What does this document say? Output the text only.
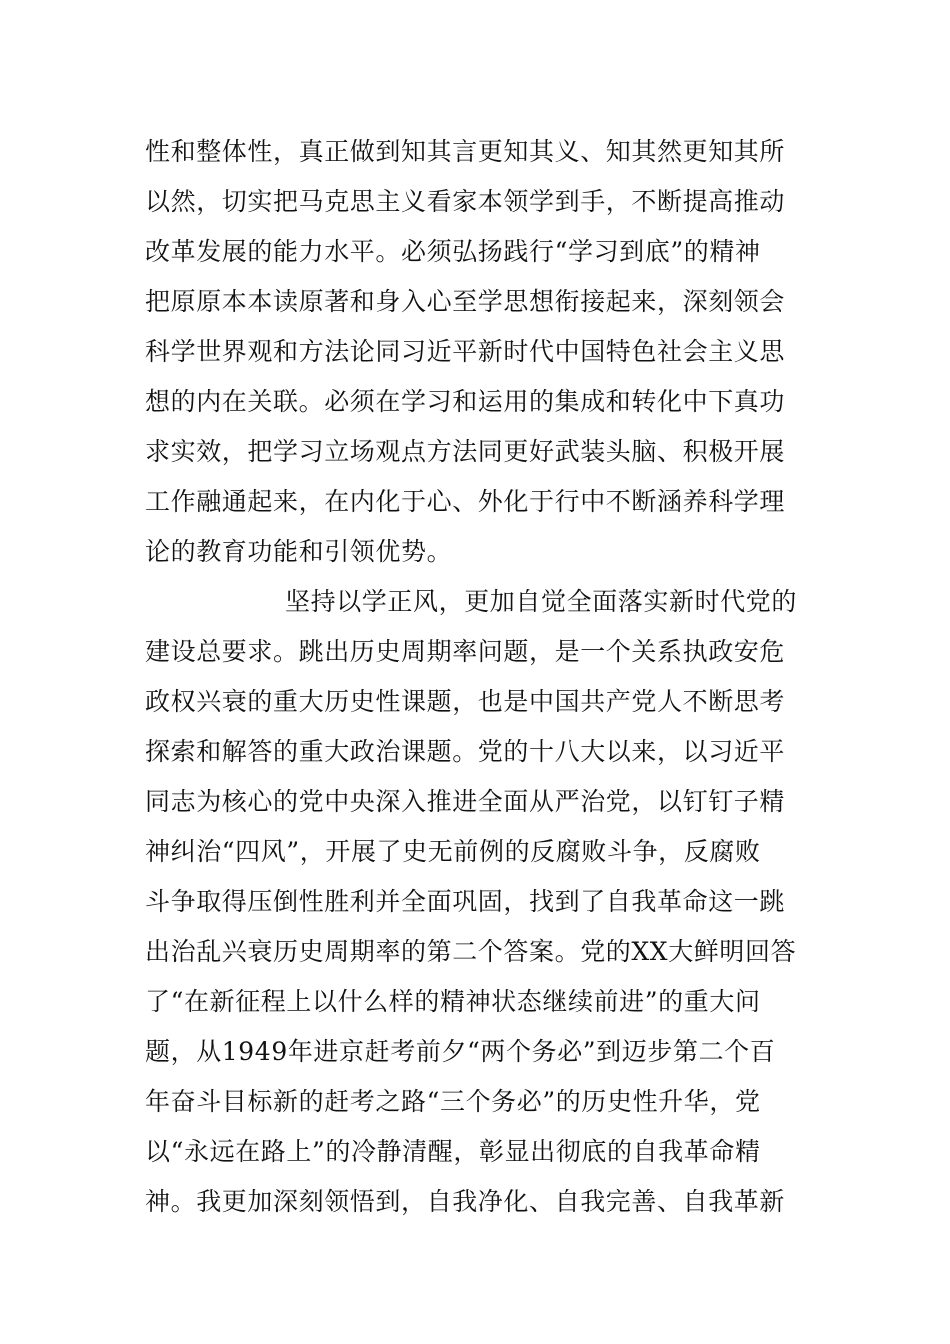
性和整体性，真正做到知其言更知其义、知其然更知其所
以然，切实把马克思主义看家本领学到手，不断提高推动
改革发展的能力水平。必须弘扬践行“学习到底”的精神
把原原本本读原著和身入心至学思想衔接起来，深刻领会
科学世界观和方法论同习近平新时代中国特色社会主义思
想的内在关联。必须在学习和运用的集成和转化中下真功
求实效，把学习立场观点方法同更好武装头脑、积极开展
工作融通起来，在内化于心、外化于行中不断涵养科学理
论的教育功能和引领优势。
坚持以学正风，更加自觉全面落实新时代党的
建设总要求。跳出历史周期率问题，是一个关系执政安危
政权兴衰的重大历史性课题，也是中国共产党人不断思考
探索和解答的重大政治课题。党的十八大以来，以习近平
同志为核心的党中央深入推进全面从严治党，以钉钉子精
神纠治“四风”，开展了史无前例的反腐败斗争，反腐败
斗争取得压倒性胜利并全面巩固，找到了自我革命这一跳
出治乱兴衰历史周期率的第二个答案。党的XX大鲜明回答
了“在新征程上以什么样的精神状态继续前进”的重大问
题，从1949年进京赶考前夕“两个务必”到迈步第二个百
年奋斗目标新的赶考之路“三个务必”的历史性升华，党
以“永远在路上”的冷静清醒，彰显出彻底的自我革命精
神。我更加深刻领悟到，自我净化、自我完善、自我革新
